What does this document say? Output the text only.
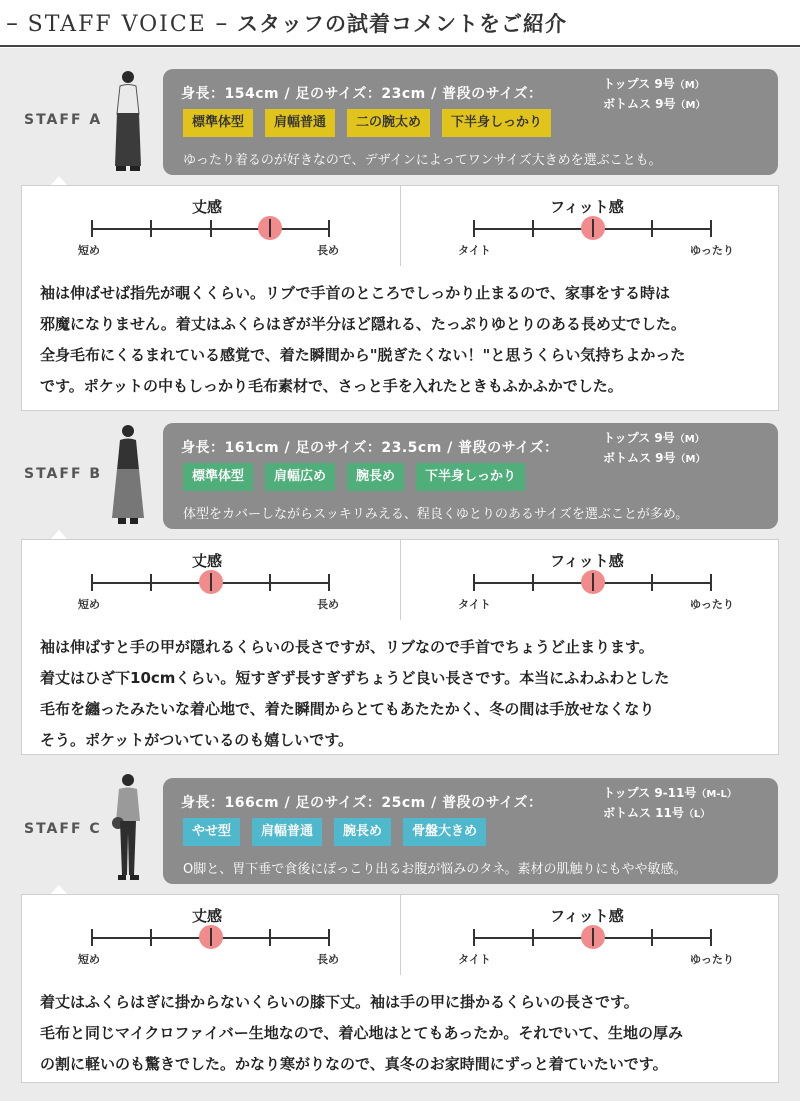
– STAFF VOICE – スタッフの試着コメントをご紹介
STAFF A
身長：154cm / 足のサイズ：23cm / 普段のサイズ：
トップス 9号（M）
ボトムス 9号（M）
標準体型	肩幅普通	二の腕太め	下半身しっかり
ゆったり着るのが好きなので、デザインによってワンサイズ大きめを選ぶことも。
丈感
短め	長め
フィット感
タイト	ゆったり

袖は伸ばせば指先が覗くくらい。リブで手首のところでしっかり止まるので、家事をする時は

邪魔になりません。着丈はふくらはぎが半分ほど隠れる、たっぷりゆとりのある長め丈でした。

全身毛布にくるまれている感覚で、着た瞬間から"脱ぎたくない！"と思うくらい気持ちよかった

です。ポケットの中もしっかり毛布素材で、さっと手を入れたときもふかふかでした。

STAFF B
身長：161cm / 足のサイズ：23.5cm / 普段のサイズ：
トップス 9号（M）
ボトムス 9号（M）
標準体型	肩幅広め	腕長め	下半身しっかり
体型をカバーしながらスッキリみえる、程良くゆとりのあるサイズを選ぶことが多め。
丈感
短め	長め
フィット感
タイト	ゆったり

袖は伸ばすと手の甲が隠れるくらいの長さですが、リブなので手首でちょうど止まります。

着丈はひざ下10cmくらい。短すぎず長すぎずちょうど良い長さです。本当にふわふわとした

毛布を纏ったみたいな着心地で、着た瞬間からとてもあたたかく、冬の間は手放せなくなり

そう。ポケットがついているのも嬉しいです。

STAFF C
身長：166cm / 足のサイズ：25cm / 普段のサイズ：
トップス 9-11号（M-L）
ボトムス 11号（L）
やせ型	肩幅普通	腕長め	骨盤大きめ
O脚と、胃下垂で食後にぽっこり出るお腹が悩みのタネ。素材の肌触りにもやや敏感。
丈感
短め	長め
フィット感
タイト	ゆったり

着丈はふくらはぎに掛からないくらいの膝下丈。袖は手の甲に掛かるくらいの長さです。

毛布と同じマイクロファイバー生地なので、着心地はとてもあったか。それでいて、生地の厚み

の割に軽いのも驚きでした。かなり寒がりなので、真冬のお家時間にずっと着ていたいです。
